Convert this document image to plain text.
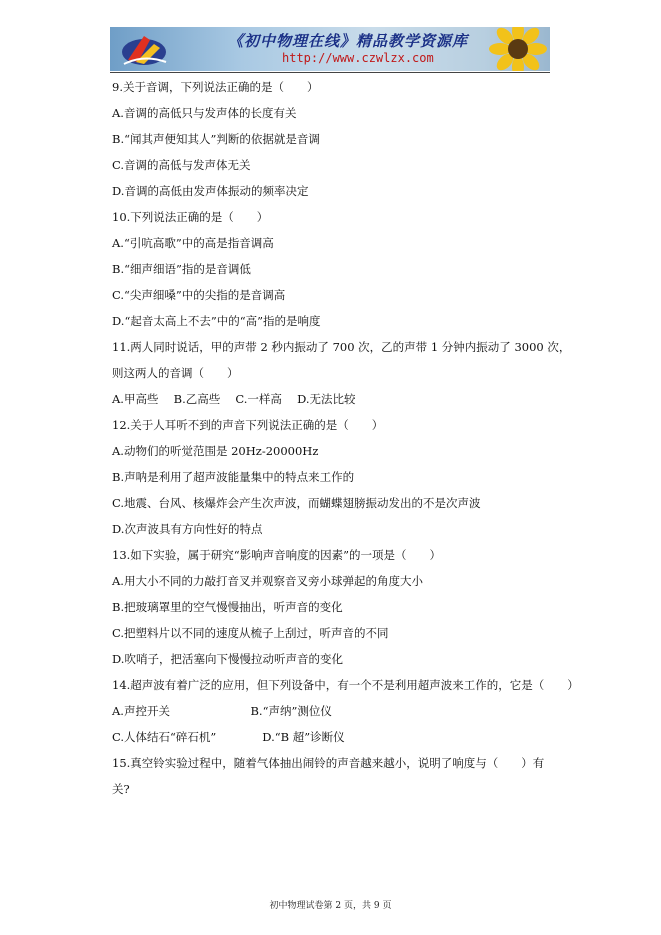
《初中物理在线》精品教学资源库
http://www.czwlzx.com
9.关于音调，下列说法正确的是（　　）
A.音调的高低只与发声体的长度有关
B.“闻其声便知其人”判断的依据就是音调
C.音调的高低与发声体无关
D.音调的高低由发声体振动的频率决定
10.下列说法正确的是（　　）
A.“引吭高歌”中的高是指音调高
B.“细声细语”指的是音调低
C.“尖声细嗓”中的尖指的是音调高
D.“起音太高上不去”中的“高”指的是响度
11.两人同时说话，甲的声带 2 秒内振动了 700 次，乙的声带 1 分钟内振动了 3000 次，
则这两人的音调（　　）
A.甲高些　 B.乙高些　 C.一样高　 D.无法比较
12.关于人耳听不到的声音下列说法正确的是（　　）
A.动物们的听觉范围是 20Hz-20000Hz
B.声呐是利用了超声波能量集中的特点来工作的
C.地震、台风、核爆炸会产生次声波，而蝴蝶翅膀振动发出的不是次声波
D.次声波具有方向性好的特点
13.如下实验，属于研究“影响声音响度的因素”的一项是（　　）
A.用大小不同的力敲打音叉并观察音叉旁小球弹起的角度大小
B.把玻璃罩里的空气慢慢抽出，听声音的变化
C.把塑料片以不同的速度从梳子上刮过，听声音的不同
D.吹哨子，把活塞向下慢慢拉动听声音的变化
14.超声波有着广泛的应用，但下列设备中，有一个不是利用超声波来工作的，它是（　　）
A.声控开关　　　　　　　B.“声纳”测位仪
C.人体结石“碎石机”　　　　D.“B 超”诊断仪
15.真空铃实验过程中，随着气体抽出闹铃的声音越来越小，说明了响度与（　　）有
关?
初中物理试卷第 2 页，共 9 页
